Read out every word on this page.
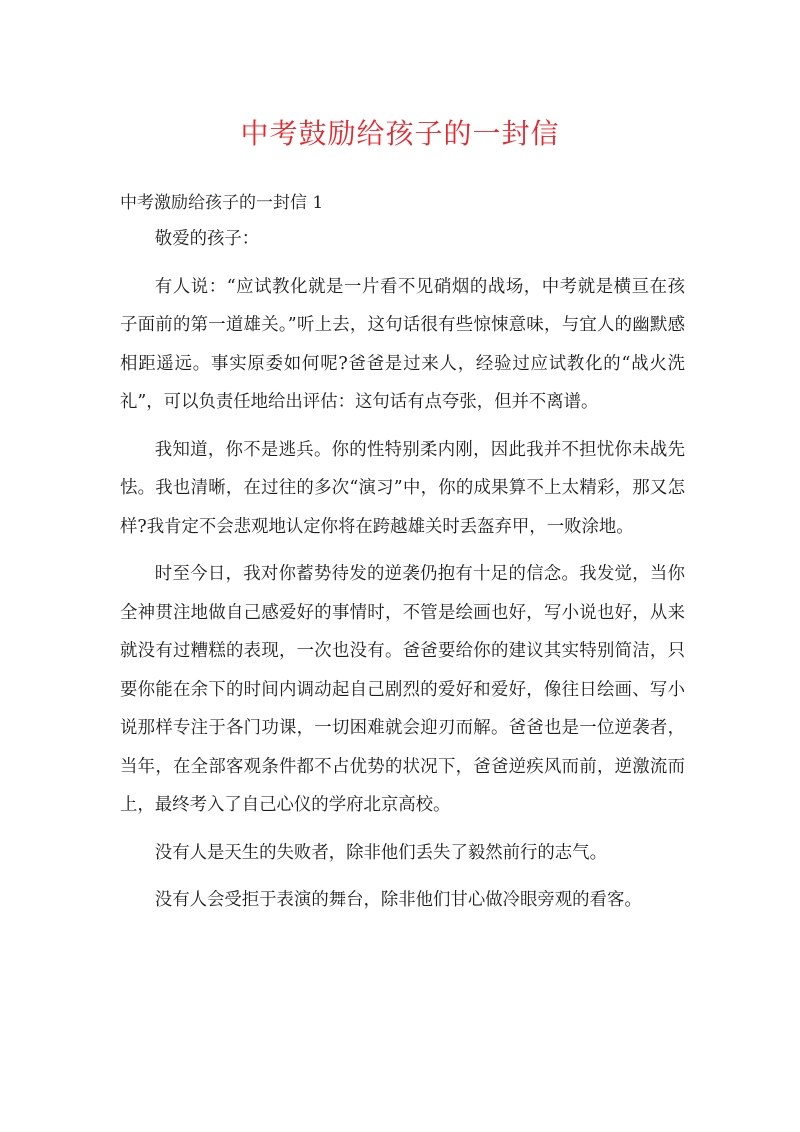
中考鼓励给孩子的一封信

中考激励给孩子的一封信 1

敬爱的孩子：

有人说：“应试教化就是一片看不见硝烟的战场，中考就是横亘在孩子面前的第一道雄关。”听上去，这句话很有些惊悚意味，与宜人的幽默感相距遥远。事实原委如何呢?爸爸是过来人，经验过应试教化的“战火洗礼”，可以负责任地给出评估：这句话有点夸张，但并不离谱。

我知道，你不是逃兵。你的性特别柔内刚，因此我并不担忧你未战先怯。我也清晰，在过往的多次“演习”中，你的成果算不上太精彩，那又怎样?我肯定不会悲观地认定你将在跨越雄关时丢盔弃甲，一败涂地。

时至今日，我对你蓄势待发的逆袭仍抱有十足的信念。我发觉，当你全神贯注地做自己感爱好的事情时，不管是绘画也好，写小说也好，从来就没有过糟糕的表现，一次也没有。爸爸要给你的建议其实特别简洁，只要你能在余下的时间内调动起自己剧烈的爱好和爱好，像往日绘画、写小说那样专注于各门功课，一切困难就会迎刃而解。爸爸也是一位逆袭者，当年，在全部客观条件都不占优势的状况下，爸爸逆疾风而前，逆激流而上，最终考入了自己心仪的学府北京高校。

没有人是天生的失败者，除非他们丢失了毅然前行的志气。

没有人会受拒于表演的舞台，除非他们甘心做冷眼旁观的看客。
